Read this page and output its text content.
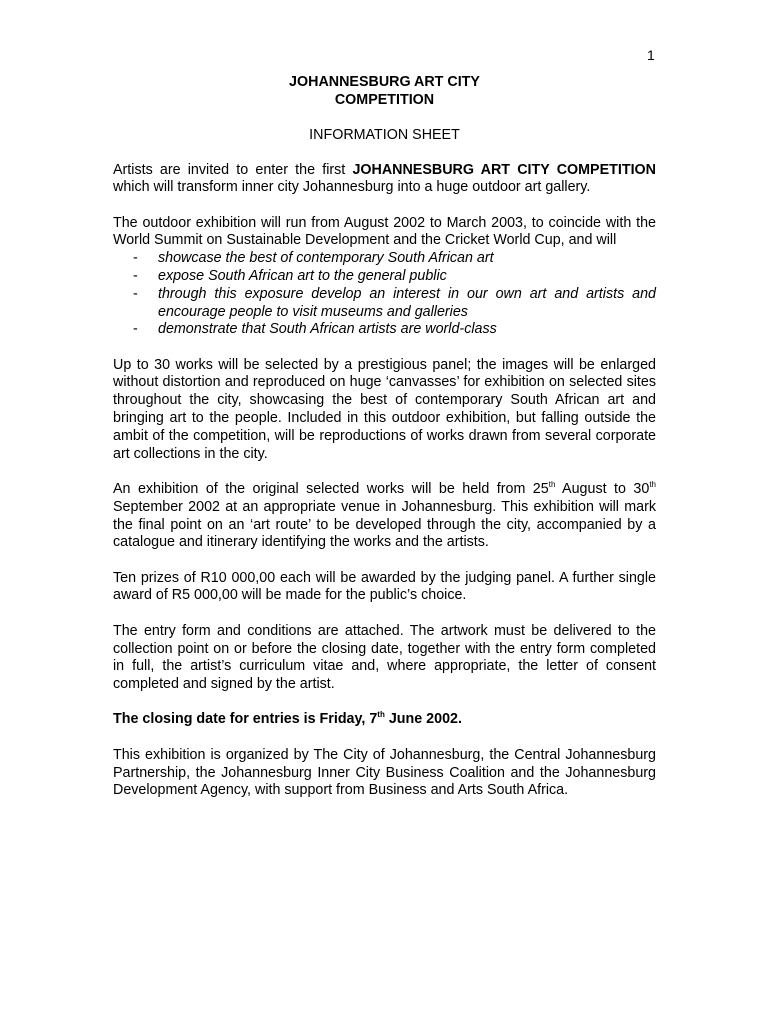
1
JOHANNESBURG ART CITY
COMPETITION
INFORMATION SHEET

Artists are invited to enter the first JOHANNESBURG ART CITY COMPETITION which will transform inner city Johannesburg into a huge outdoor art gallery.

The outdoor exhibition will run from August 2002 to March 2003, to coincide with the World Summit on Sustainable Development and the Cricket World Cup, and will

- showcase the best of contemporary South African art
- expose South African art to the general public
- through this exposure develop an interest in our own art and artists and encourage people to visit museums and galleries
- demonstrate that South African artists are world-class

Up to 30 works will be selected by a prestigious panel; the images will be enlarged without distortion and reproduced on huge ‘canvasses’ for exhibition on selected sites throughout the city, showcasing the best of contemporary South African art and bringing art to the people. Included in this outdoor exhibition, but falling outside the ambit of the competition, will be reproductions of works drawn from several corporate art collections in the city.

An exhibition of the original selected works will be held from 25th August to 30th September 2002 at an appropriate venue in Johannesburg. This exhibition will mark the final point on an ‘art route’ to be developed through the city, accompanied by a catalogue and itinerary identifying the works and the artists.

Ten prizes of R10 000,00 each will be awarded by the judging panel. A further single award of R5 000,00 will be made for the public’s choice.

The entry form and conditions are attached. The artwork must be delivered to the collection point on or before the closing date, together with the entry form completed in full, the artist’s curriculum vitae and, where appropriate, the letter of consent completed and signed by the artist.

The closing date for entries is Friday, 7th June 2002.

This exhibition is organized by The City of Johannesburg, the Central Johannesburg Partnership, the Johannesburg Inner City Business Coalition and the Johannesburg Development Agency, with support from Business and Arts South Africa.
